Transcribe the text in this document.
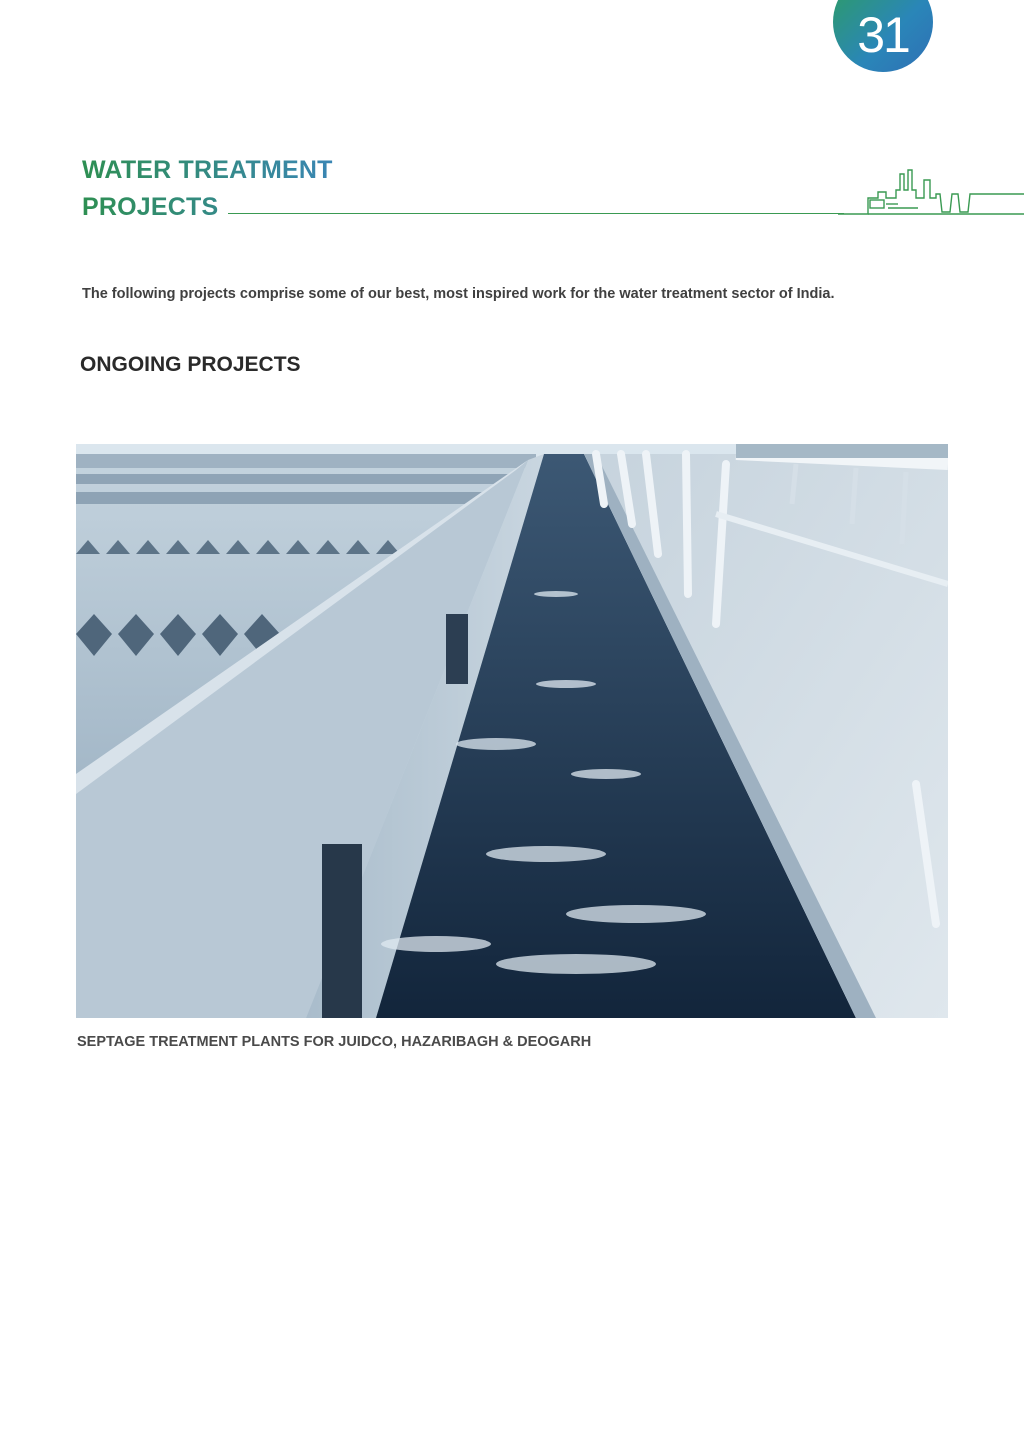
31
WATER TREATMENT
PROJECTS
The following projects comprise some of our best, most inspired work for the water treatment sector of India.
ONGOING PROJECTS
SEPTAGE TREATMENT PLANTS FOR JUIDCO, HAZARIBAGH & DEOGARH
